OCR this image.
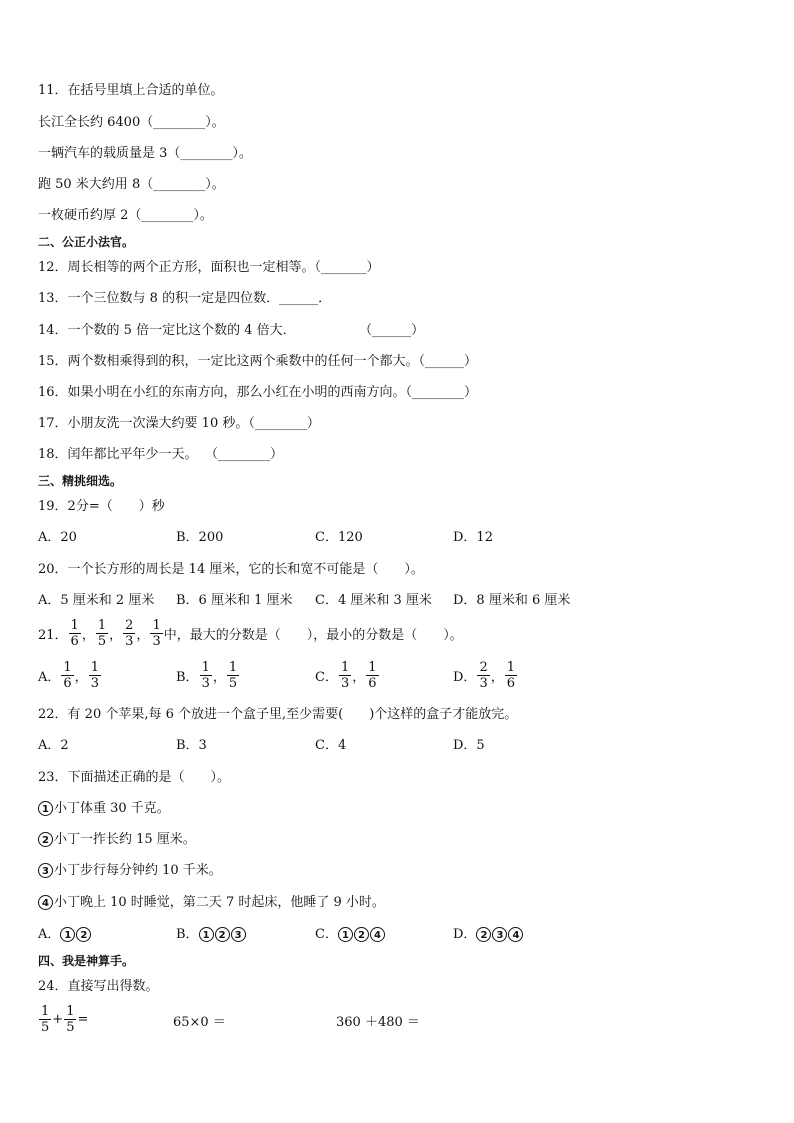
11．在括号里填上合适的单位。
长江全长约 6400（________）。
一辆汽车的载质量是 3（________）。
跑 50 米大约用 8（________）。
一枚硬币约厚 2（________）。
二、公正小法官。
12．周长相等的两个正方形，面积也一定相等。（_______）
13．一个三位数与 8 的积一定是四位数．______．
14．一个数的 5 倍一定比这个数的 4 倍大．	（______）
15．两个数相乘得到的积，一定比这两个乘数中的任何一个都大。（______）
16．如果小明在小红的东南方向，那么小红在小明的西南方向。（________）
17．小朋友洗一次澡大约要 10 秒。（________）
18．闰年都比平年少一天。 （________）
三、精挑细选。
19．2分=（　　）秒
A．20	B．200	C．120	D．12
20．一个长方形的周长是 14 厘米，它的长和宽不可能是（　　）。
A．5 厘米和 2 厘米 B．6 厘米和 1 厘米 C．4 厘米和 3 厘米 D．8 厘米和 6 厘米
21． $\frac{1}{6}$ ， $\frac{1}{5}$ ， $\frac{2}{3}$ ， $\frac{1}{3}$ 中，最大的分数是（　　），最小的分数是（　　）。
A． $\frac{1}{6}$ ， $\frac{1}{3}$	B． $\frac{1}{3}$ ， $\frac{1}{5}$	C． $\frac{1}{3}$ ， $\frac{1}{6}$	D． $\frac{2}{3}$ ， $\frac{1}{6}$
22．有 20 个苹果,每 6 个放进一个盒子里,至少需要(　　)个这样的盒子才能放完。
A．2	B．3	C．4	D．5
23．下面描述正确的是（　　）。
1 小丁体重 30 千克。
2 小丁一拃长约 15 厘米。
3 小丁步行每分钟约 10 千米。
4 小丁晚上 10 时睡觉，第二天 7 时起床，他睡了 9 小时。
A． 1 2	B． 1 2 3	C． 1 2 4	D． 2 3 4
四、我是神算手。
24．直接写出得数。
$\frac{1}{5} + \frac{1}{5}$ =	65×0 ＝	360 ＋480 ＝
